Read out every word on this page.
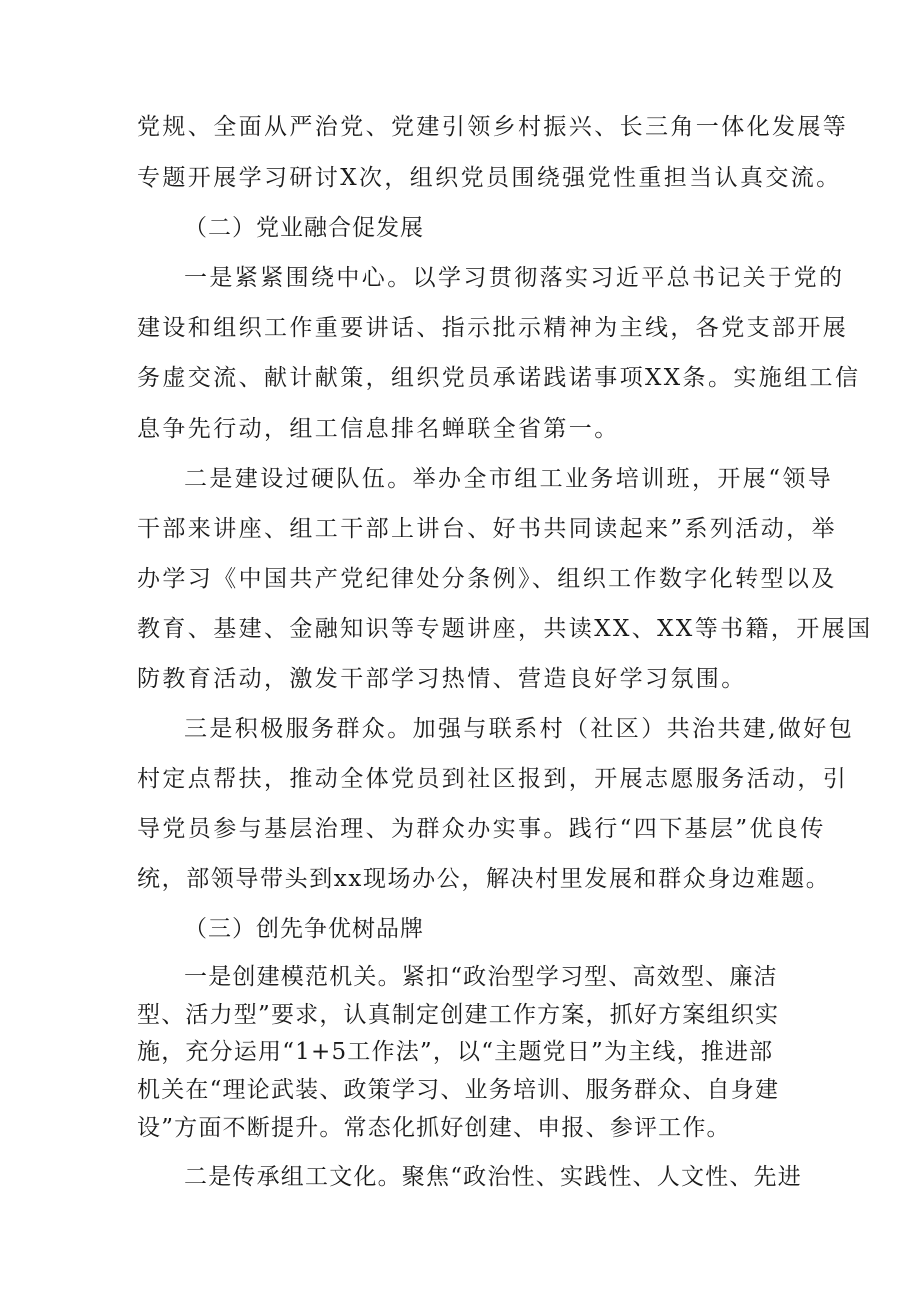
党规、全面从严治党、党建引领乡村振兴、长三角一体化发展等
专题开展学习研讨X次，组织党员围绕强党性重担当认真交流。
（二）党业融合促发展
一是紧紧围绕中心。以学习贯彻落实习近平总书记关于党的
建设和组织工作重要讲话、指示批示精神为主线，各党支部开展
务虚交流、献计献策，组织党员承诺践诺事项XX条。实施组工信
息争先行动，组工信息排名蝉联全省第一。
二是建设过硬队伍。举办全市组工业务培训班，开展“领导
干部来讲座、组工干部上讲台、好书共同读起来”系列活动，举
办学习《中国共产党纪律处分条例》、组织工作数字化转型以及
教育、基建、金融知识等专题讲座，共读XX、XX等书籍，开展国
防教育活动，激发干部学习热情、营造良好学习氛围。
三是积极服务群众。加强与联系村（社区）共治共建,做好包
村定点帮扶，推动全体党员到社区报到，开展志愿服务活动，引
导党员参与基层治理、为群众办实事。践行“四下基层”优良传
统，部领导带头到ⅹⅹ现场办公，解决村里发展和群众身边难题。
（三）创先争优树品牌
一是创建模范机关。紧扣“政治型学习型、高效型、廉洁
型、活力型”要求，认真制定创建工作方案，抓好方案组织实
施，充分运用“1+5工作法”，以“主题党日”为主线，推进部
机关在“理论武装、政策学习、业务培训、服务群众、自身建
设”方面不断提升。常态化抓好创建、申报、参评工作。
二是传承组工文化。聚焦“政治性、实践性、人文性、先进
